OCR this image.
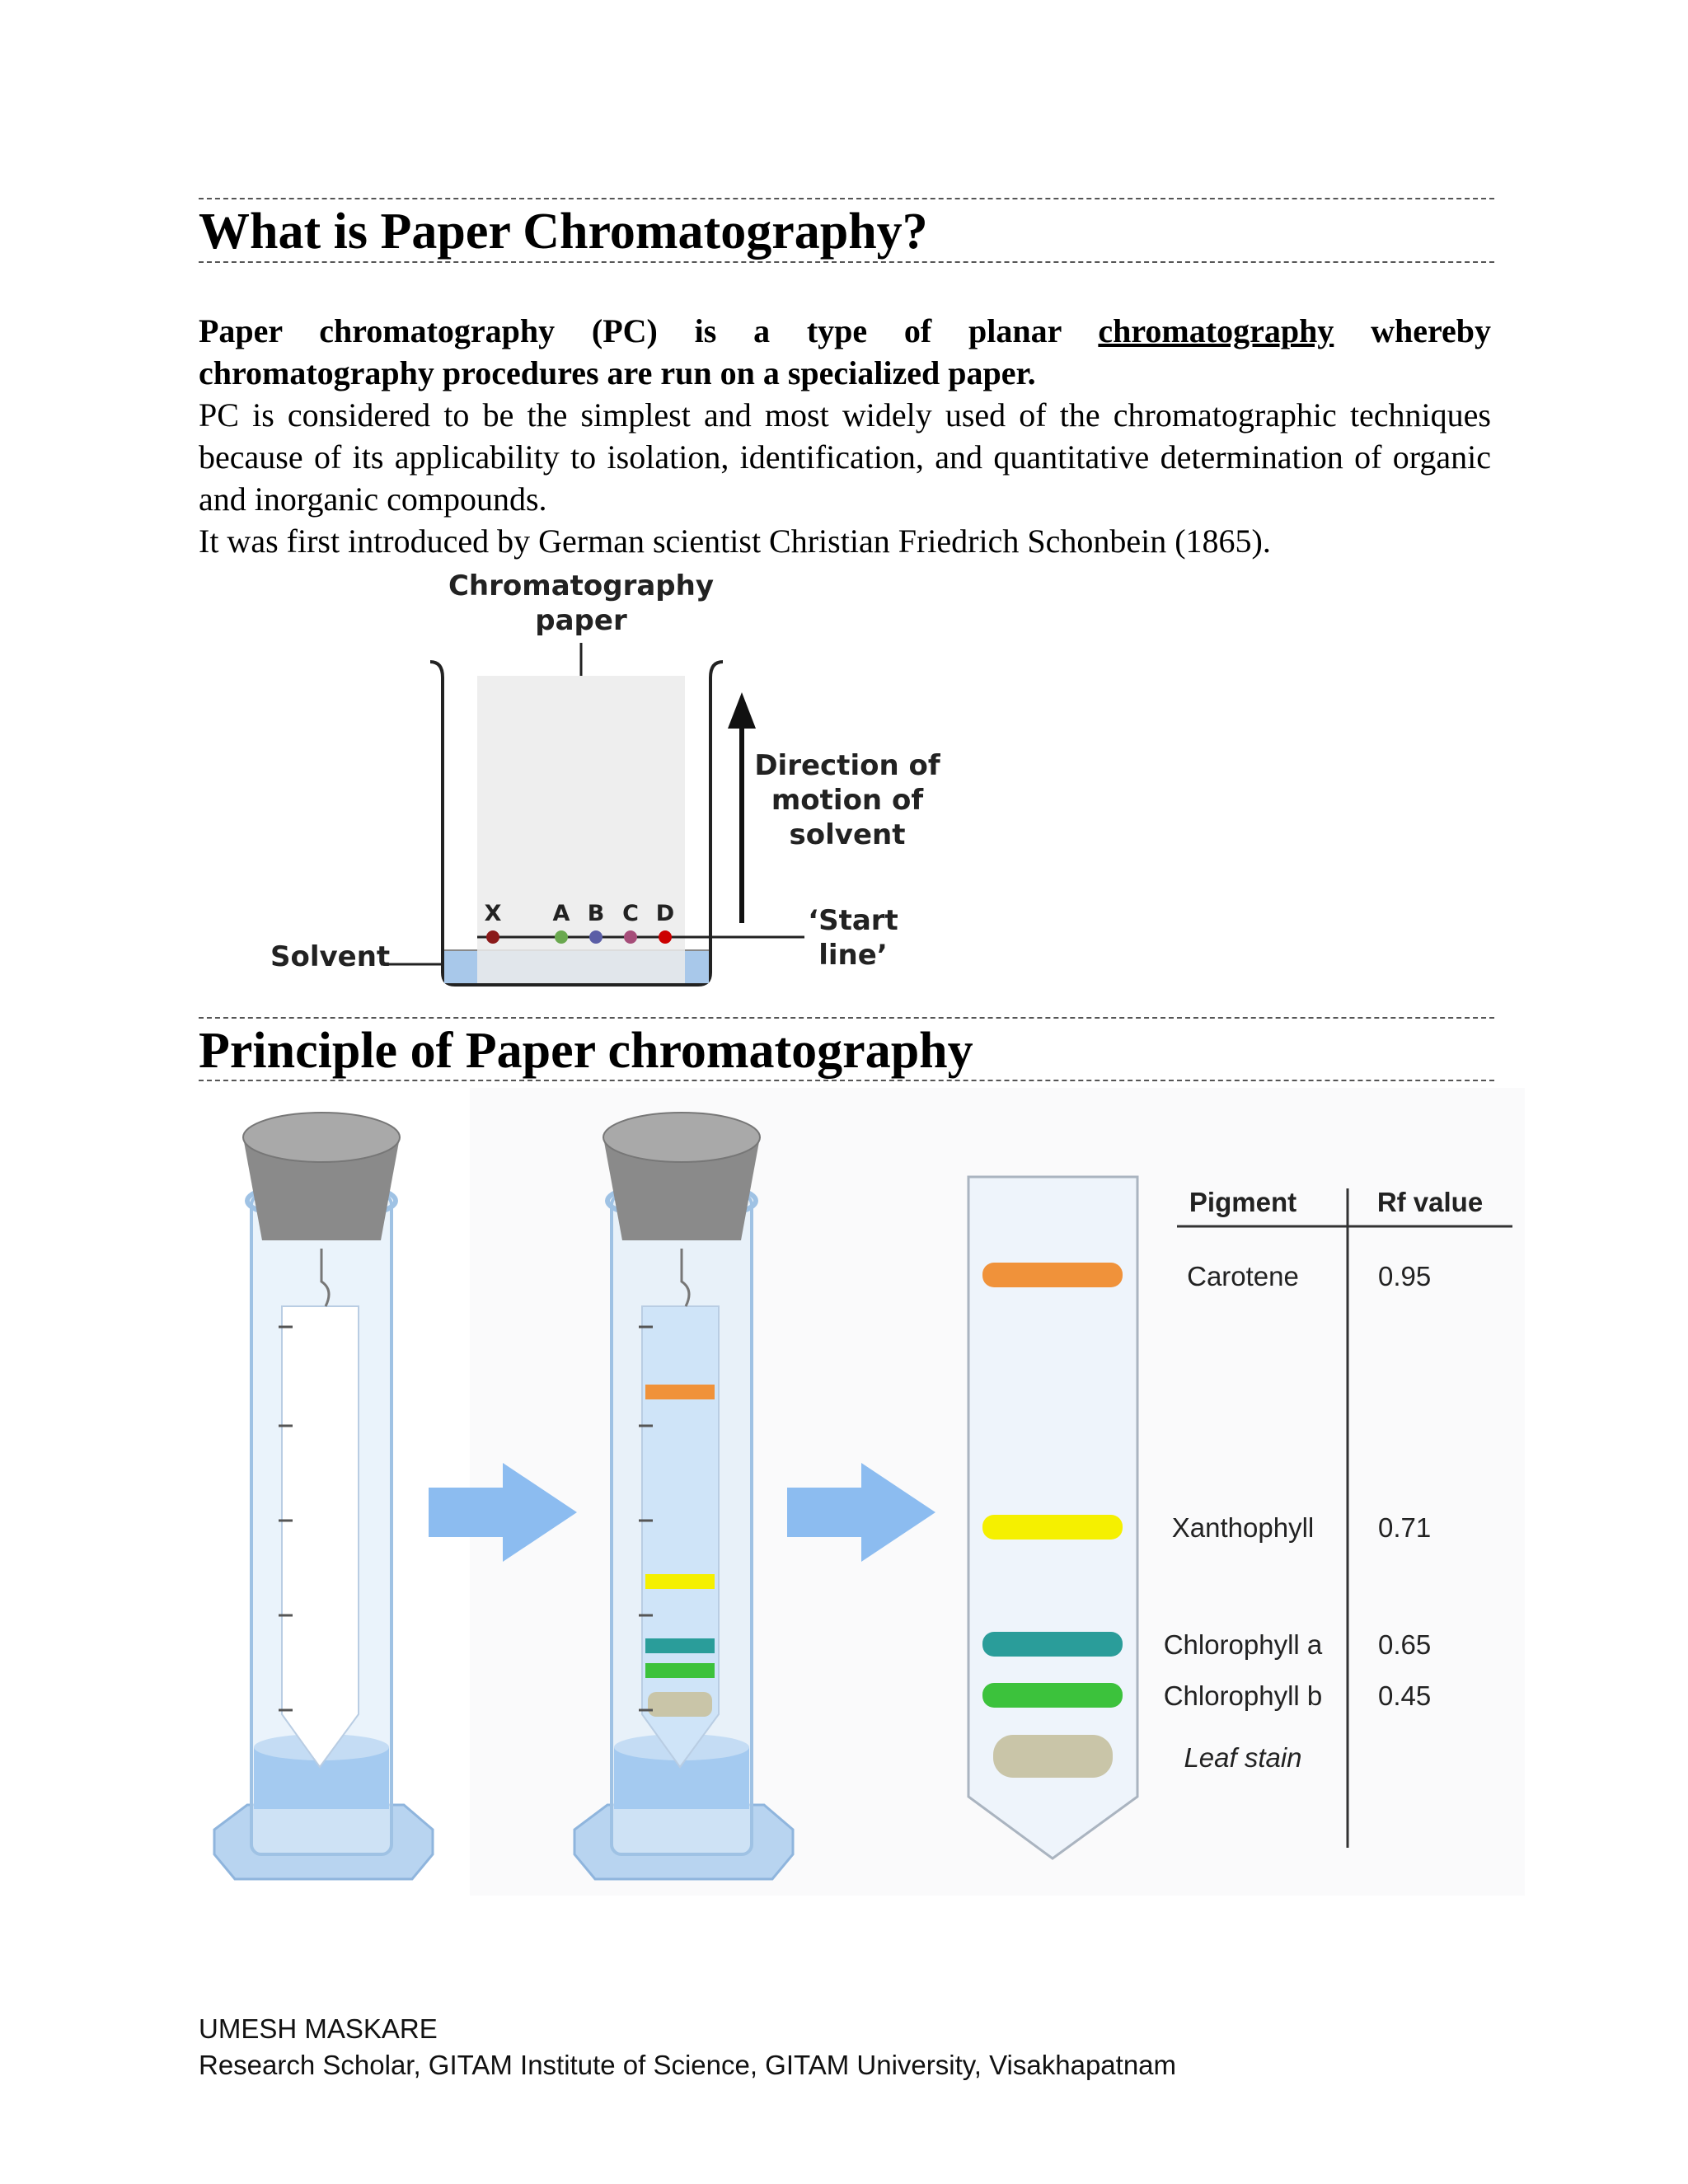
What is Paper Chromatography?
Paper chromatography (PC) is a type of planar chromatography whereby
chromatography procedures are run on a specialized paper.
PC is considered to be the simplest and most widely used of the chromatographic techniques because of its applicability to isolation, identification, and quantitative determination of organic and inorganic compounds.
It was first introduced by German scientist Christian Friedrich Schonbein (1865).
Chromatography
paper
X A B C D
Direction of
motion of
solvent
‘Start
line’
Solvent
Principle of Paper chromatography
Pigment	Rf value
Carotene	0.95
Xanthophyll 0.71
Chlorophyll a 0.65
Chlorophyll b 0.45
Leaf stain
UMESH MASKARE
Research Scholar, GITAM Institute of Science, GITAM University, Visakhapatnam
